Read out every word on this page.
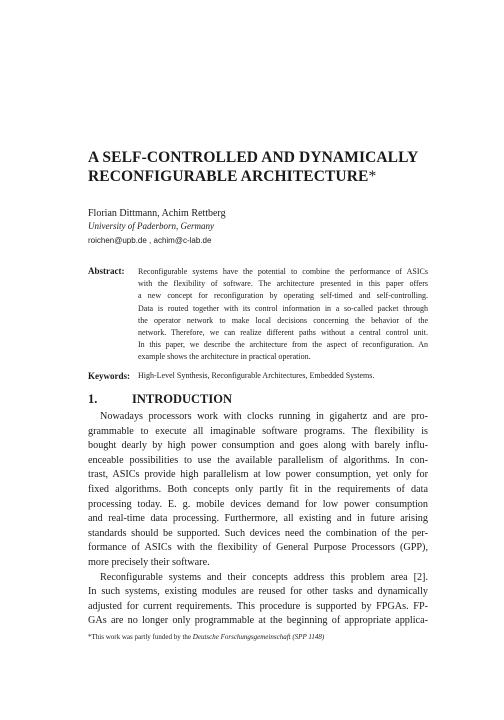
A SELF-CONTROLLED AND DYNAMICALLY
RECONFIGURABLE ARCHITECTURE*
Florian Dittmann, Achim Rettberg
University of Paderborn, Germany
roichen@upb.de , achim@c-lab.de
Abstract: Reconfigurable systems have the potential to combine the performance of ASICs
with the flexibility of software. The architecture presented in this paper offers
a new concept for reconfiguration by operating self-timed and self-controlling.
Data is routed together with its control information in a so-called packet through
the operator network to make local decisions concerning the behavior of the
network. Therefore, we can realize different paths without a central control unit.
In this paper, we describe the architecture from the aspect of reconfiguration. An
example shows the architecture in practical operation.
Keywords: High-Level Synthesis, Reconfigurable Architectures, Embedded Systems.
1.	INTRODUCTION
Nowadays processors work with clocks running in gigahertz and are pro-
grammable to execute all imaginable software programs. The flexibility is
bought dearly by high power consumption and goes along with barely influ-
enceable possibilities to use the available parallelism of algorithms. In con-
trast, ASICs provide high parallelism at low power consumption, yet only for
fixed algorithms. Both concepts only partly fit in the requirements of data
processing today. E. g. mobile devices demand for low power consumption
and real-time data processing. Furthermore, all existing and in future arising
standards should be supported. Such devices need the combination of the per-
formance of ASICs with the flexibility of General Purpose Processors (GPP),
more precisely their software.
Reconfigurable systems and their concepts address this problem area [2].
In such systems, existing modules are reused for other tasks and dynamically
adjusted for current requirements. This procedure is supported by FPGAs. FP-
GAs are no longer only programmable at the beginning of appropriate applica-
*This work was partly funded by the Deutsche Forschungsgemeinschaft (SPP 1148)
